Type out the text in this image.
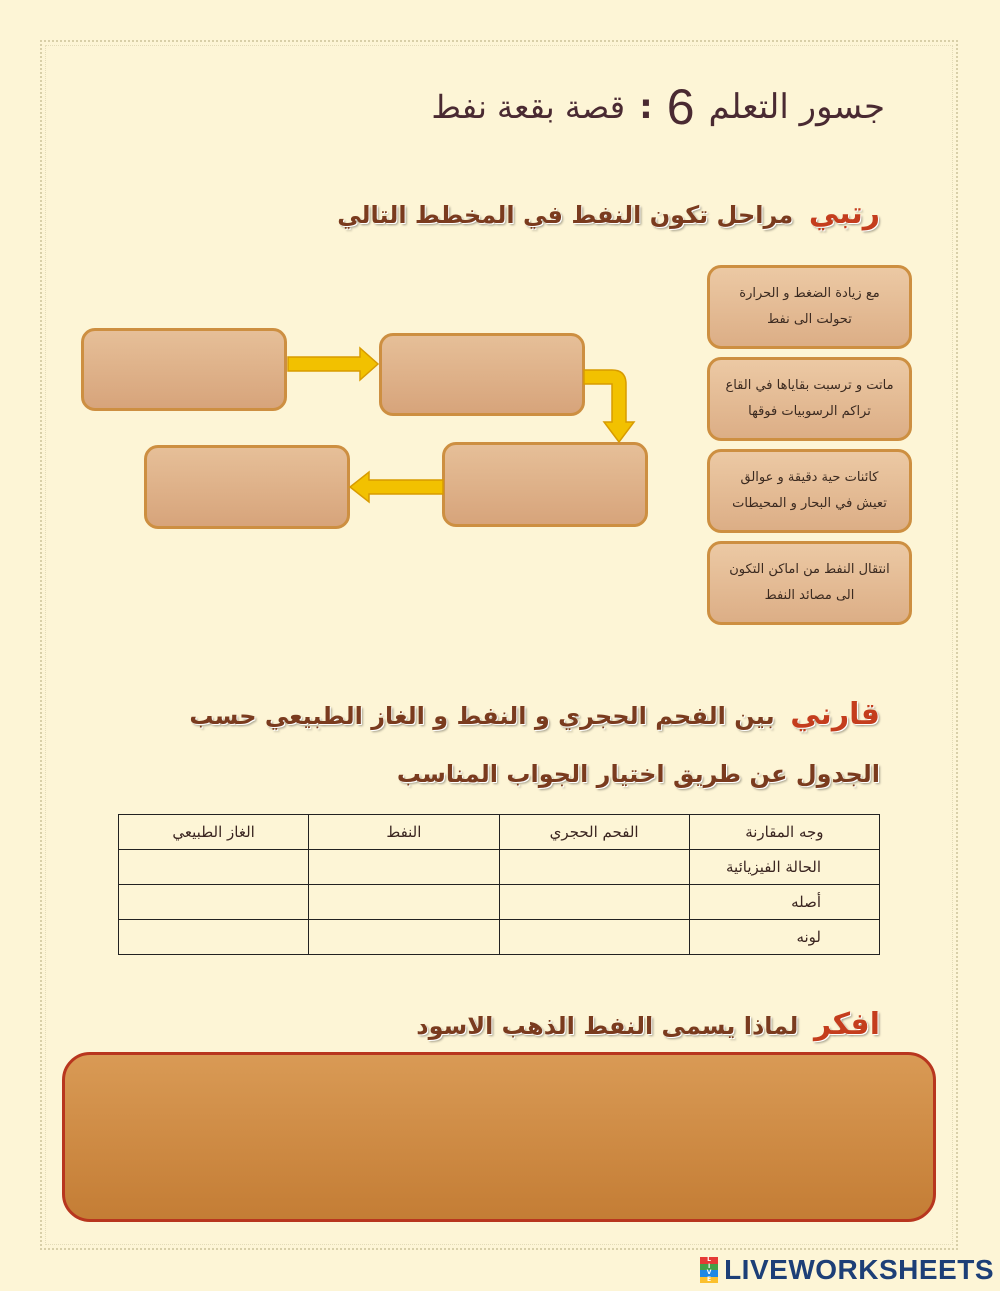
جسور التعلم
6
:
قصة بقعة نفط
رتبي مراحل تكون النفط في المخطط التالي
مع زيادة الضغط و الحرارة تحولت الى نفط
ماتت و ترسبت بقاياها في القاع تراكم الرسوبيات فوقها
كائنات حية دقيقة و عوالق تعيش في البحار و المحيطات
انتقال النفط من اماكن التكون الى مصائد النفط
قارني بين الفحم الحجري و النفط و الغاز الطبيعي حسب
الجدول عن طريق اختيار الجواب المناسب
وجه المقارنة	الفحم الحجري	النفط	الغاز الطبيعي
الحالة الفيزيائية			
أصله			
لونه			
افكر لماذا يسمى النفط الذهب الاسود
L
I
V
E LIVEWORKSHEETS
